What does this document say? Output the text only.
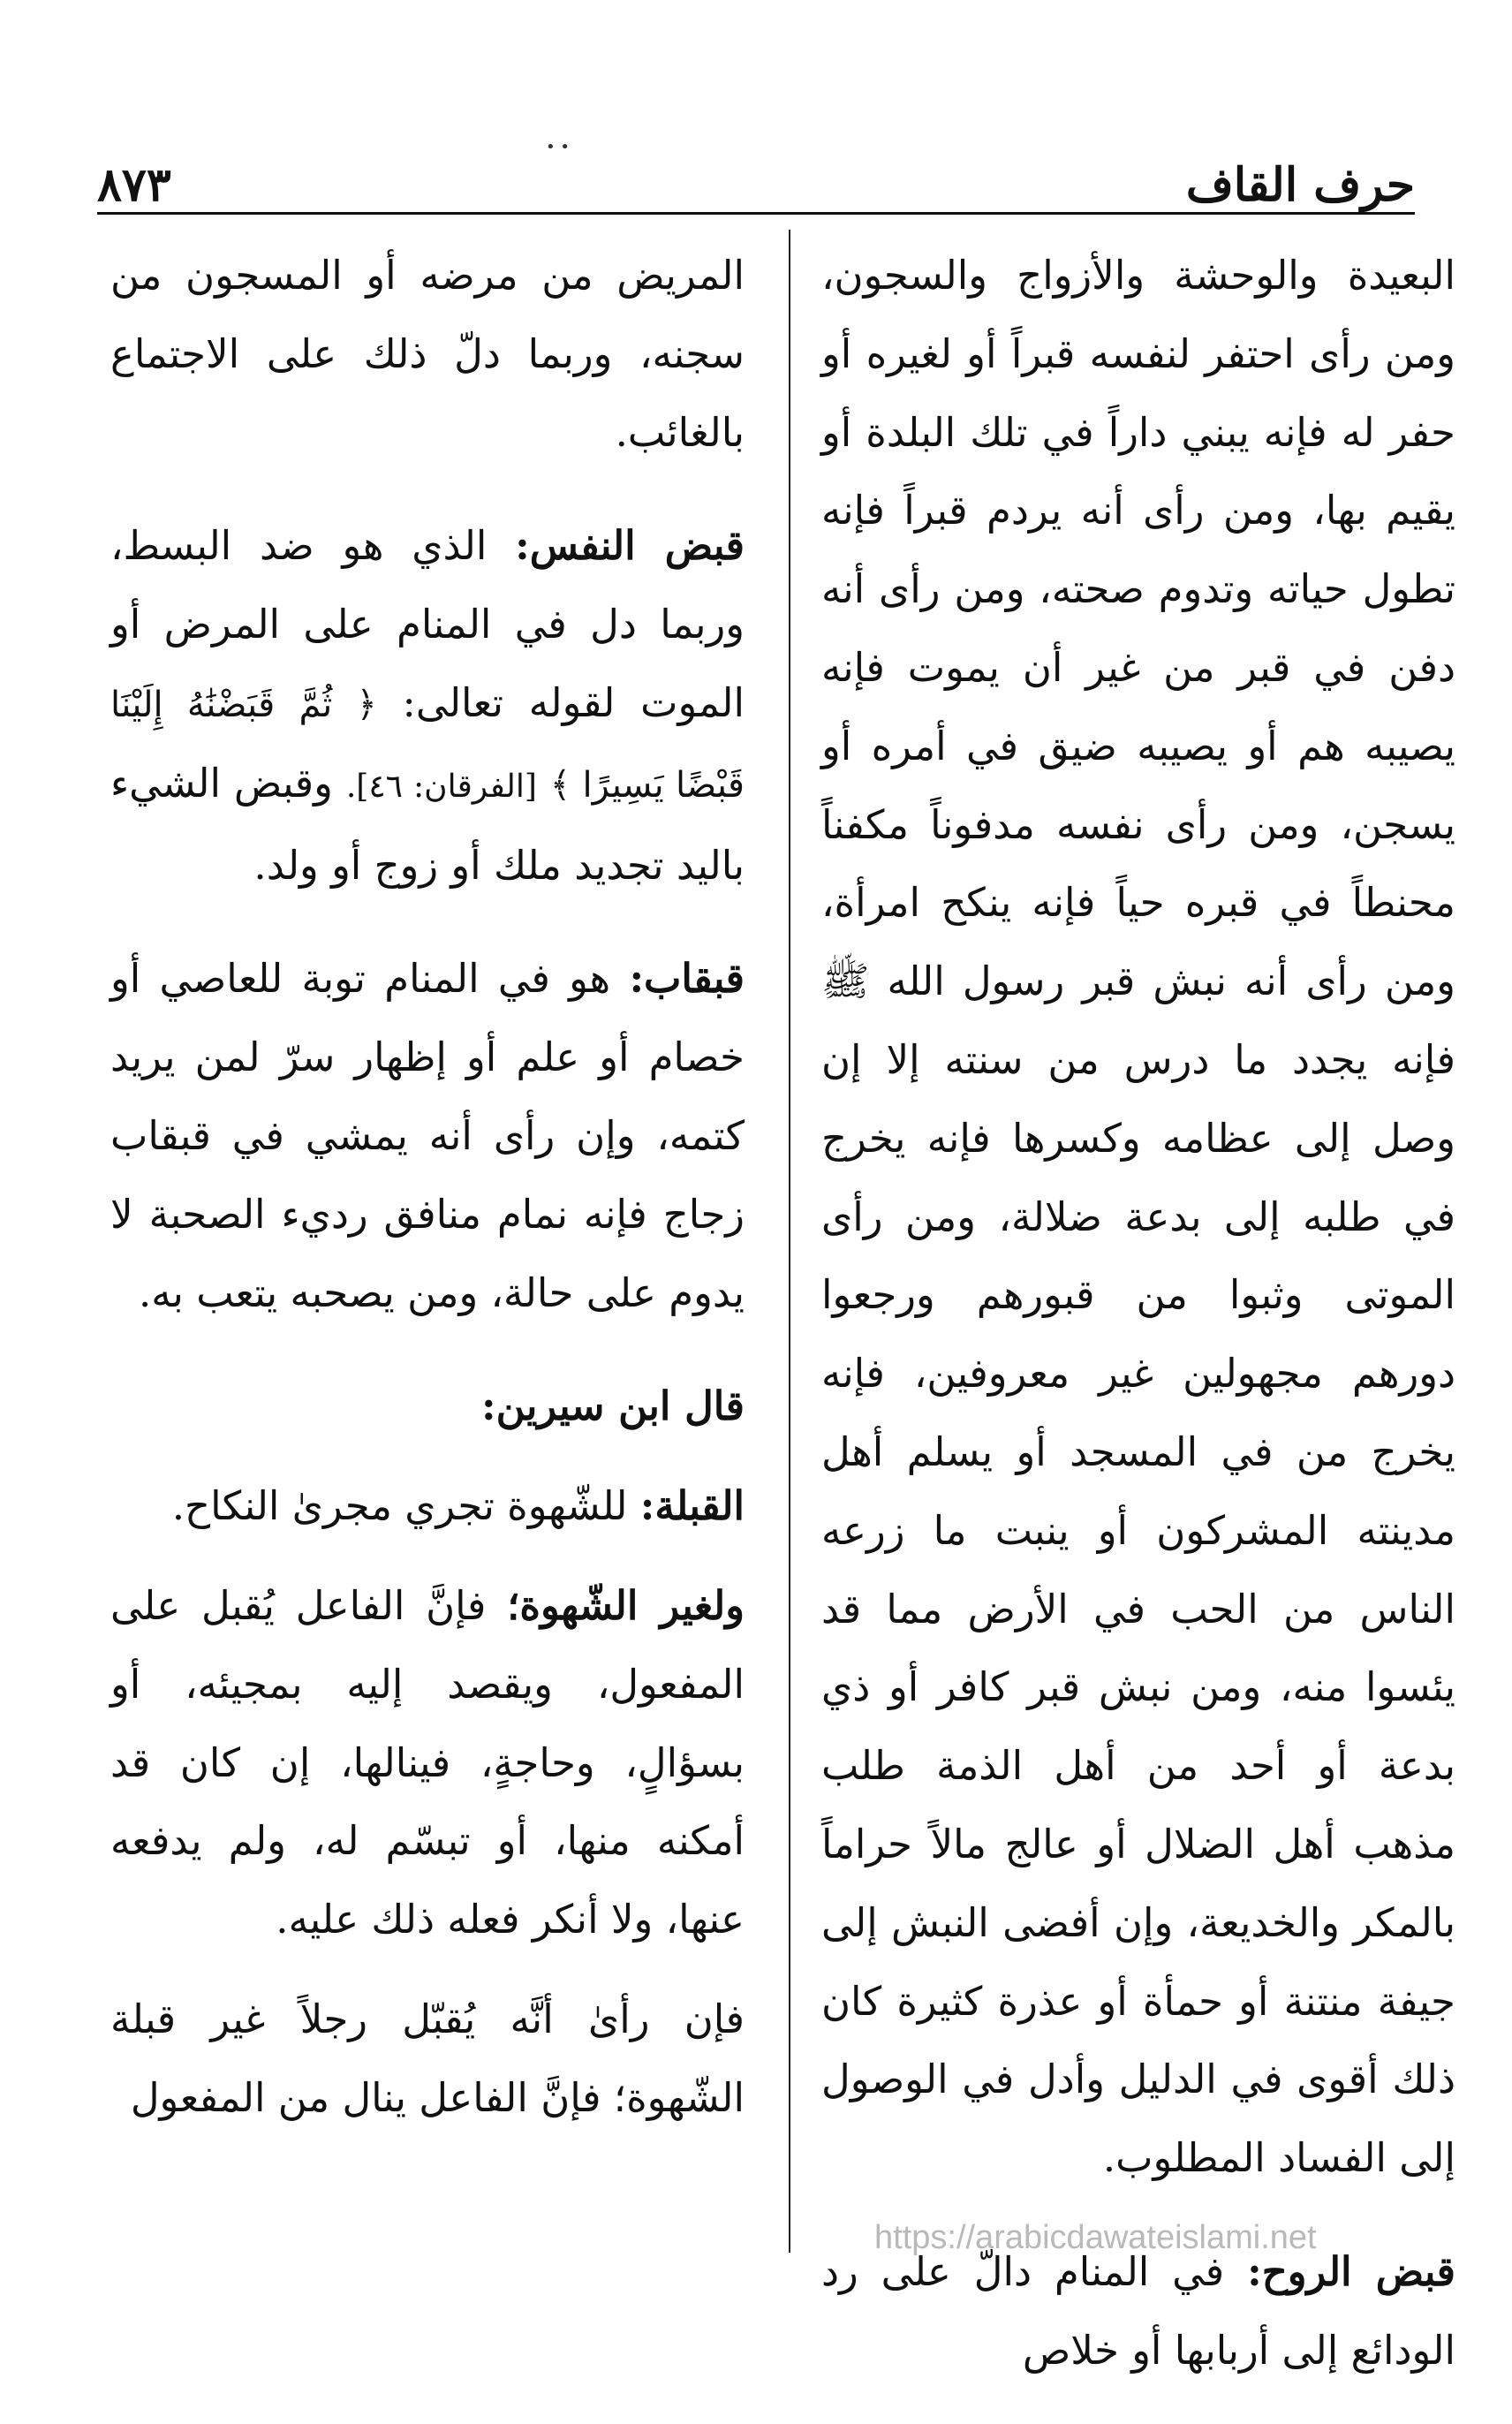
حرف القاف
٨٧٣
• •

البعيدة والوحشة والأزواج والسجون، ومن رأى احتفر لنفسه قبراً أو لغيره أو حفر له فإنه يبني داراً في تلك البلدة أو يقيم بها، ومن رأى أنه يردم قبراً فإنه تطول حياته وتدوم صحته، ومن رأى أنه دفن في قبر من غير أن يموت فإنه يصيبه هم أو يصيبه ضيق في أمره أو يسجن، ومن رأى نفسه مدفوناً مكفناً محنطاً في قبره حياً فإنه ينكح امرأة، ومن رأى أنه نبش قبر رسول الله ﷺ فإنه يجدد ما درس من سنته إلا إن وصل إلى عظامه وكسرها فإنه يخرج في طلبه إلى بدعة ضلالة، ومن رأى الموتى وثبوا من قبورهم ورجعوا دورهم مجهولين غير معروفين، فإنه يخرج من في المسجد أو يسلم أهل مدينته المشركون أو ينبت ما زرعه الناس من الحب في الأرض مما قد يئسوا منه، ومن نبش قبر كافر أو ذي بدعة أو أحد من أهل الذمة طلب مذهب أهل الضلال أو عالج مالاً حراماً بالمكر والخديعة، وإن أفضى النبش إلى جيفة منتنة أو حمأة أو عذرة كثيرة كان ذلك أقوى في الدليل وأدل في الوصول إلى الفساد المطلوب.

قبض الروح: في المنام دالّ على رد الودائع إلى أربابها أو خلاص

المريض من مرضه أو المسجون من سجنه، وربما دلّ ذلك على الاجتماع بالغائب.

قبض النفس: الذي هو ضد البسط، وربما دل في المنام على المرض أو الموت لقوله تعالى: ﴿ ثُمَّ قَبَضْنَٰهُ إِلَيْنَا قَبْضًا يَسِيرًا ﴾ [الفرقان: ٤٦]. وقبض الشيء باليد تجديد ملك أو زوج أو ولد.

قبقاب: هو في المنام توبة للعاصي أو خصام أو علم أو إظهار سرّ لمن يريد كتمه، وإن رأى أنه يمشي في قبقاب زجاج فإنه نمام منافق رديء الصحبة لا يدوم على حالة، ومن يصحبه يتعب به.

قال ابن سيرين:

القبلة: للشّهوة تجري مجرىٰ النكاح.

ولغير الشّهوة؛ فإنَّ الفاعل يُقبل على المفعول، ويقصد إليه بمجيئه، أو بسؤالٍ، وحاجةٍ، فينالها، إن كان قد أمكنه منها، أو تبسّم له، ولم يدفعه عنها، ولا أنكر فعله ذلك عليه.

فإن رأىٰ أنَّه يُقبّل رجلاً غير قبلة الشّهوة؛ فإنَّ الفاعل ينال من المفعول

https://arabicdawateislami.net
